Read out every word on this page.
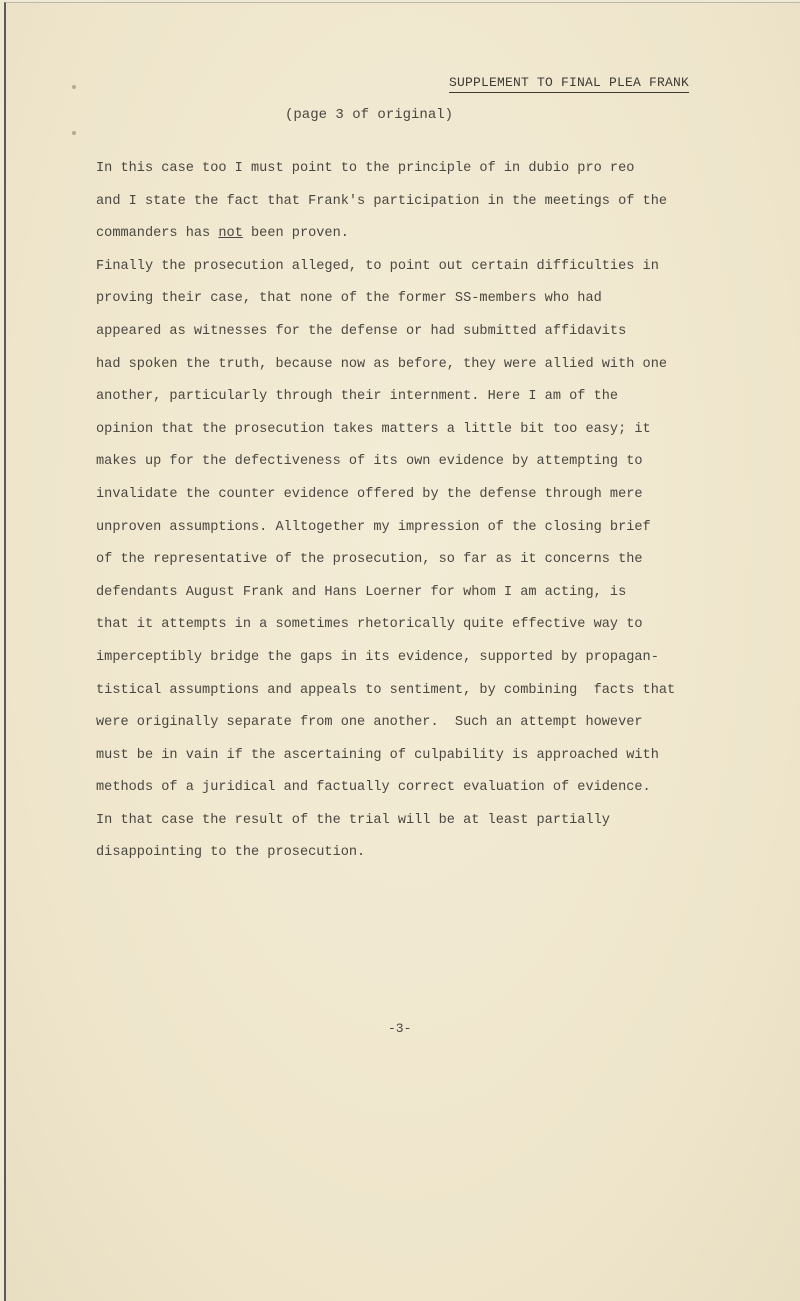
SUPPLEMENT TO FINAL PLEA FRANK
(page 3 of original)
In this case too I must point to the principle of in dubio pro reo
and I state the fact that Frank's participation in the meetings of the
commanders has not been proven.
Finally the prosecution alleged, to point out certain difficulties in
proving their case, that none of the former SS-members who had
appeared as witnesses for the defense or had submitted affidavits
had spoken the truth, because now as before, they were allied with one
another, particularly through their internment. Here I am of the
opinion that the prosecution takes matters a little bit too easy; it
makes up for the defectiveness of its own evidence by attempting to
invalidate the counter evidence offered by the defense through mere
unproven assumptions. Alltogether my impression of the closing brief
of the representative of the prosecution, so far as it concerns the
defendants August Frank and Hans Loerner for whom I am acting, is
that it attempts in a sometimes rhetorically quite effective way to
imperceptibly bridge the gaps in its evidence, supported by propagan-
tistical assumptions and appeals to sentiment, by combining  facts that
were originally separate from one another.  Such an attempt however
must be in vain if the ascertaining of culpability is approached with
methods of a juridical and factually correct evaluation of evidence.
In that case the result of the trial will be at least partially
disappointing to the prosecution.
-3-
